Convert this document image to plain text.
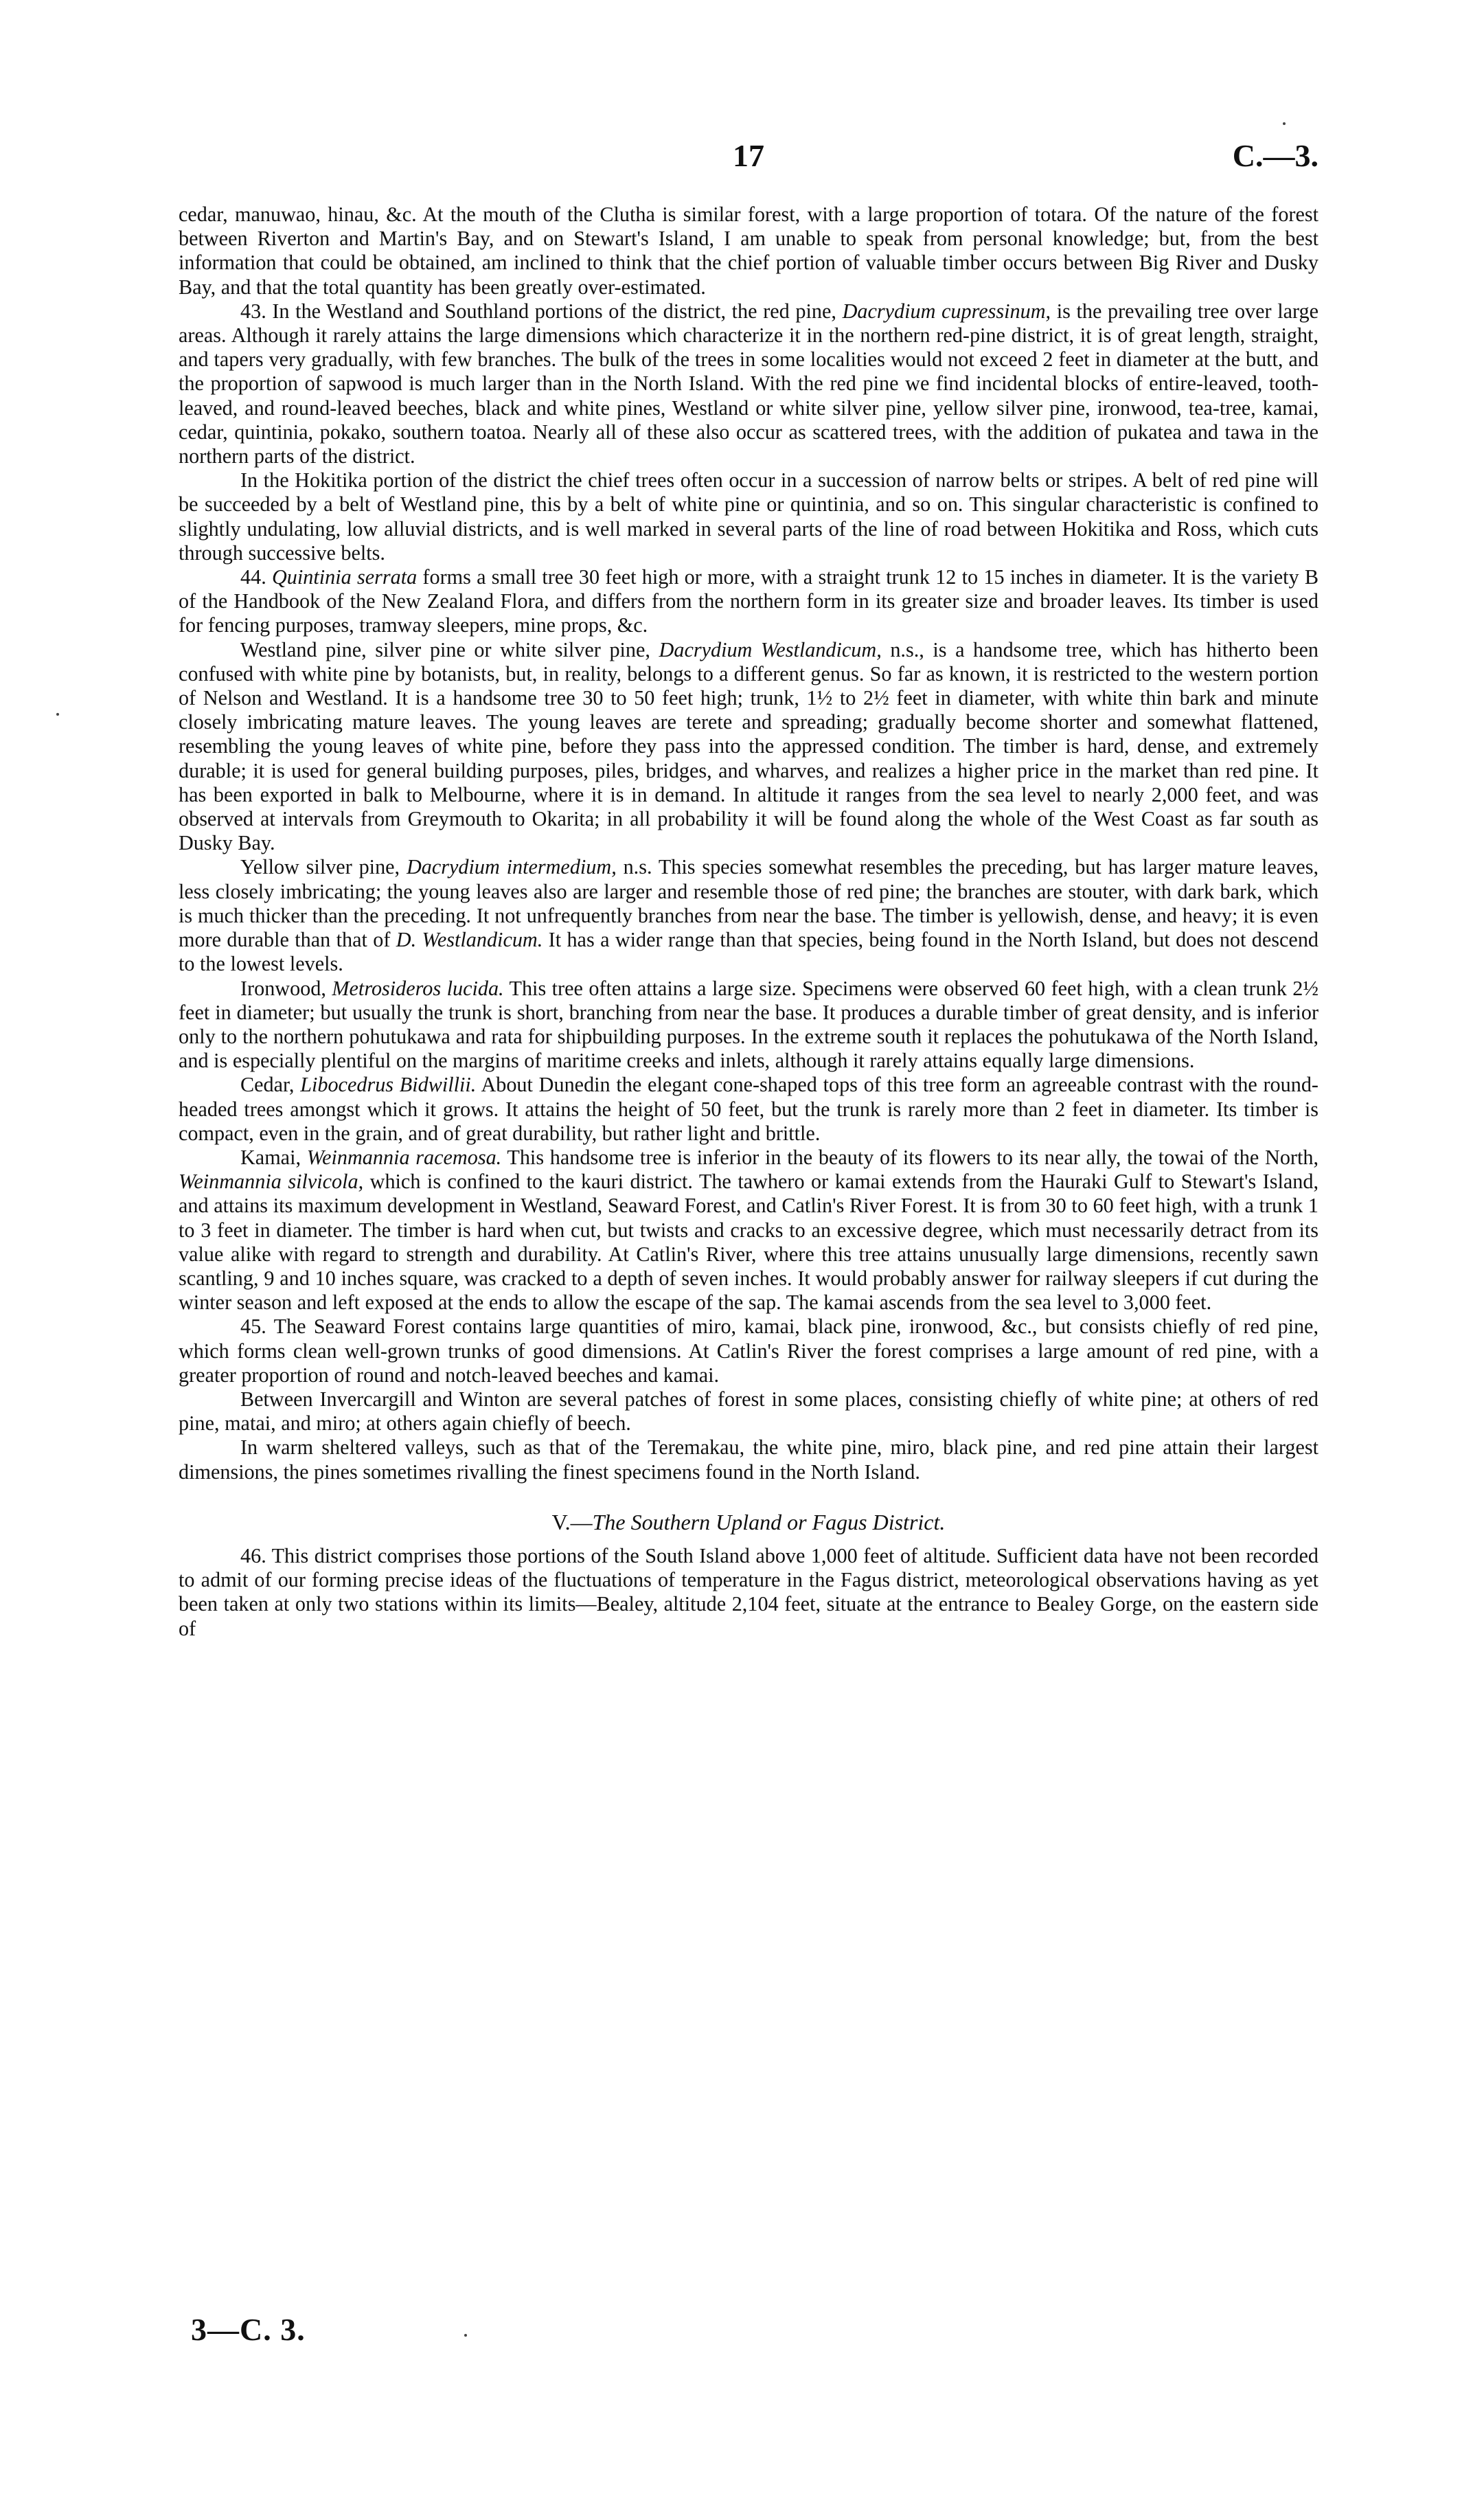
17	C.—3.

cedar, manuwao, hinau, &c. At the mouth of the Clutha is similar forest, with a large proportion of totara. Of the nature of the forest between Riverton and Martin's Bay, and on Stewart's Island, I am unable to speak from personal knowledge; but, from the best information that could be obtained, am inclined to think that the chief portion of valuable timber occurs between Big River and Dusky Bay, and that the total quantity has been greatly over-estimated.

43. In the Westland and Southland portions of the district, the red pine, Dacrydium cupressinum, is the prevailing tree over large areas. Although it rarely attains the large dimensions which characterize it in the northern red-pine district, it is of great length, straight, and tapers very gradually, with few branches. The bulk of the trees in some localities would not exceed 2 feet in diameter at the butt, and the proportion of sapwood is much larger than in the North Island. With the red pine we find incidental blocks of entire-leaved, tooth-leaved, and round-leaved beeches, black and white pines, Westland or white silver pine, yellow silver pine, ironwood, tea-tree, kamai, cedar, quintinia, pokako, southern toatoa. Nearly all of these also occur as scattered trees, with the addition of pukatea and tawa in the northern parts of the district.

In the Hokitika portion of the district the chief trees often occur in a succession of narrow belts or stripes. A belt of red pine will be succeeded by a belt of Westland pine, this by a belt of white pine or quintinia, and so on. This singular characteristic is confined to slightly undulating, low alluvial districts, and is well marked in several parts of the line of road between Hokitika and Ross, which cuts through successive belts.

44. Quintinia serrata forms a small tree 30 feet high or more, with a straight trunk 12 to 15 inches in diameter. It is the variety B of the Handbook of the New Zealand Flora, and differs from the northern form in its greater size and broader leaves. Its timber is used for fencing purposes, tramway sleepers, mine props, &c.

Westland pine, silver pine or white silver pine, Dacrydium Westlandicum, n.s., is a handsome tree, which has hitherto been confused with white pine by botanists, but, in reality, belongs to a different genus. So far as known, it is restricted to the western portion of Nelson and Westland. It is a handsome tree 30 to 50 feet high; trunk, 1½ to 2½ feet in diameter, with white thin bark and minute closely imbricating mature leaves. The young leaves are terete and spreading; gradually become shorter and somewhat flattened, resembling the young leaves of white pine, before they pass into the appressed condition. The timber is hard, dense, and extremely durable; it is used for general building purposes, piles, bridges, and wharves, and realizes a higher price in the market than red pine. It has been exported in balk to Melbourne, where it is in demand. In altitude it ranges from the sea level to nearly 2,000 feet, and was observed at intervals from Greymouth to Okarita; in all probability it will be found along the whole of the West Coast as far south as Dusky Bay.

Yellow silver pine, Dacrydium intermedium, n.s. This species somewhat resembles the preceding, but has larger mature leaves, less closely imbricating; the young leaves also are larger and resemble those of red pine; the branches are stouter, with dark bark, which is much thicker than the preceding. It not unfrequently branches from near the base. The timber is yellowish, dense, and heavy; it is even more durable than that of D. Westlandicum. It has a wider range than that species, being found in the North Island, but does not descend to the lowest levels.

Ironwood, Metrosideros lucida. This tree often attains a large size. Specimens were observed 60 feet high, with a clean trunk 2½ feet in diameter; but usually the trunk is short, branching from near the base. It produces a durable timber of great density, and is inferior only to the northern pohutukawa and rata for shipbuilding purposes. In the extreme south it replaces the pohutukawa of the North Island, and is especially plentiful on the margins of maritime creeks and inlets, although it rarely attains equally large dimensions.

Cedar, Libocedrus Bidwillii. About Dunedin the elegant cone-shaped tops of this tree form an agreeable contrast with the round-headed trees amongst which it grows. It attains the height of 50 feet, but the trunk is rarely more than 2 feet in diameter. Its timber is compact, even in the grain, and of great durability, but rather light and brittle.

Kamai, Weinmannia racemosa. This handsome tree is inferior in the beauty of its flowers to its near ally, the towai of the North, Weinmannia silvicola, which is confined to the kauri district. The tawhero or kamai extends from the Hauraki Gulf to Stewart's Island, and attains its maximum development in Westland, Seaward Forest, and Catlin's River Forest. It is from 30 to 60 feet high, with a trunk 1 to 3 feet in diameter. The timber is hard when cut, but twists and cracks to an excessive degree, which must necessarily detract from its value alike with regard to strength and durability. At Catlin's River, where this tree attains unusually large dimensions, recently sawn scantling, 9 and 10 inches square, was cracked to a depth of seven inches. It would probably answer for railway sleepers if cut during the winter season and left exposed at the ends to allow the escape of the sap. The kamai ascends from the sea level to 3,000 feet.

45. The Seaward Forest contains large quantities of miro, kamai, black pine, ironwood, &c., but consists chiefly of red pine, which forms clean well-grown trunks of good dimensions. At Catlin's River the forest comprises a large amount of red pine, with a greater proportion of round and notch-leaved beeches and kamai.

Between Invercargill and Winton are several patches of forest in some places, consisting chiefly of white pine; at others of red pine, matai, and miro; at others again chiefly of beech.

In warm sheltered valleys, such as that of the Teremakau, the white pine, miro, black pine, and red pine attain their largest dimensions, the pines sometimes rivalling the finest specimens found in the North Island.

V.—The Southern Upland or Fagus District.

46. This district comprises those portions of the South Island above 1,000 feet of altitude. Sufficient data have not been recorded to admit of our forming precise ideas of the fluctuations of temperature in the Fagus district, meteorological observations having as yet been taken at only two stations within its limits—Bealey, altitude 2,104 feet, situate at the entrance to Bealey Gorge, on the eastern side of

3—C. 3.
